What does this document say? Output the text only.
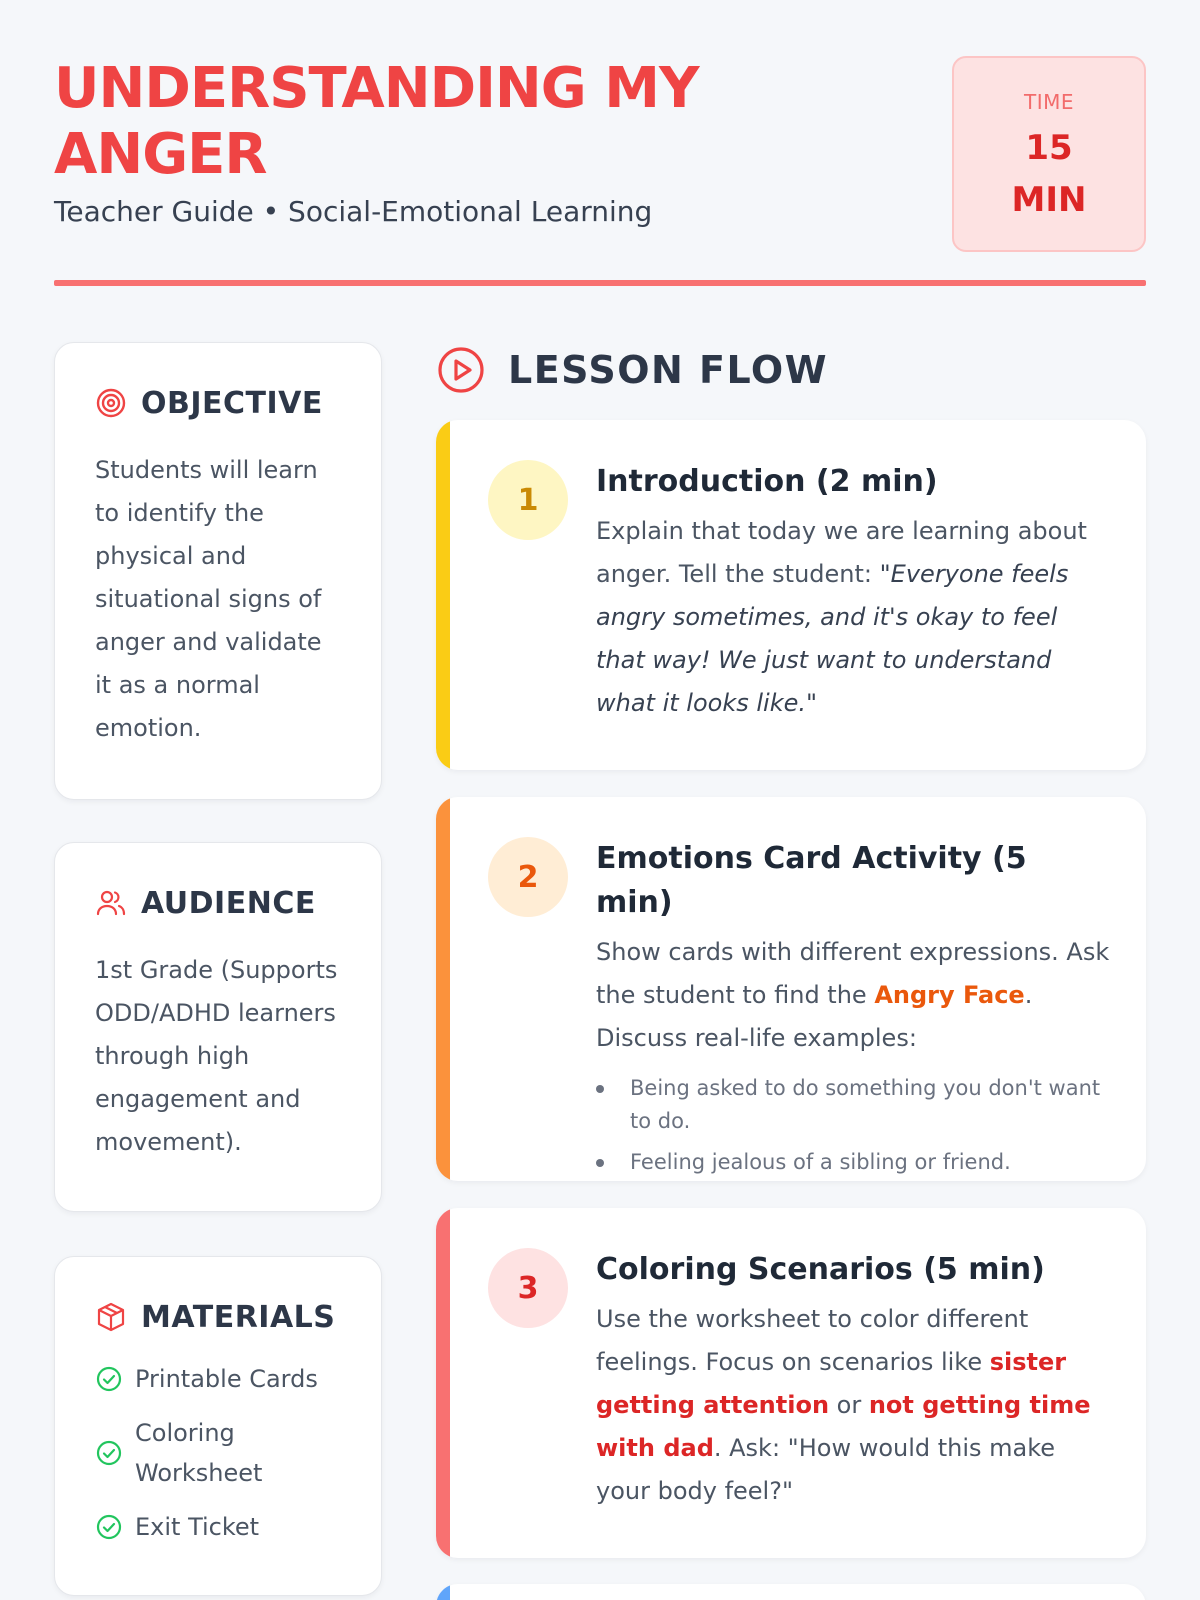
UNDERSTANDING MY ANGER
Teacher Guide • Social-Emotional Learning
TIME
15
MIN
OBJECTIVE

Students will learn to identify the physical and situational signs of anger and validate it as a normal emotion.

AUDIENCE

1st Grade (Supports ODD/ADHD learners through high engagement and movement).

MATERIALS
Printable Cards
Coloring Worksheet
Exit Ticket
LESSON FLOW
1
Introduction (2 min)

Explain that today we are learning about anger. Tell the student: "Everyone feels angry sometimes, and it's okay to feel that way! We just want to understand what it looks like."

2
Emotions Card Activity (5 min)

Show cards with different expressions. Ask the student to find the Angry Face. Discuss real-life examples:

Being asked to do something you don't want to do.
Feeling jealous of a sibling or friend.
3
Coloring Scenarios (5 min)

Use the worksheet to color different feelings. Focus on scenarios like sister getting attention or not getting time with dad. Ask: "How would this make your body feel?"
